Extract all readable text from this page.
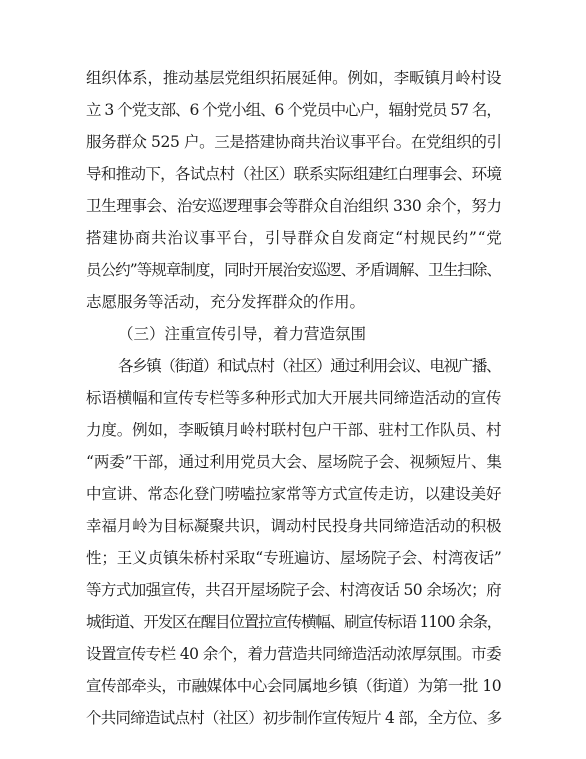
组织体系，推动基层党组织拓展延伸。例如，李畈镇月岭村设
立 3 个党支部、6 个党小组、6 个党员中心户，辐射党员 57 名，
服务群众 525 户。三是搭建协商共治议事平台。在党组织的引
导和推动下，各试点村（社区）联系实际组建红白理事会、环境
卫生理事会、治安巡逻理事会等群众自治组织 330 余个，努力
搭建协商共治议事平台，引导群众自发商定“村规民约”“党
员公约”等规章制度，同时开展治安巡逻、矛盾调解、卫生扫除、
志愿服务等活动，充分发挥群众的作用。
（三）注重宣传引导，着力营造氛围
各乡镇（街道）和试点村（社区）通过利用会议、电视广播、
标语横幅和宣传专栏等多种形式加大开展共同缔造活动的宣传
力度。例如，李畈镇月岭村联村包户干部、驻村工作队员、村
“两委”干部，通过利用党员大会、屋场院子会、视频短片、集
中宣讲、常态化登门唠嗑拉家常等方式宣传走访，以建设美好
幸福月岭为目标凝聚共识，调动村民投身共同缔造活动的积极
性；王义贞镇朱桥村采取“专班遍访、屋场院子会、村湾夜话”
等方式加强宣传，共召开屋场院子会、村湾夜话 50 余场次；府
城街道、开发区在醒目位置拉宣传横幅、刷宣传标语 1100 余条，
设置宣传专栏 40 余个，着力营造共同缔造活动浓厚氛围。市委
宣传部牵头，市融媒体中心会同属地乡镇（街道）为第一批 10
个共同缔造试点村（社区）初步制作宣传短片 4 部，全方位、多
